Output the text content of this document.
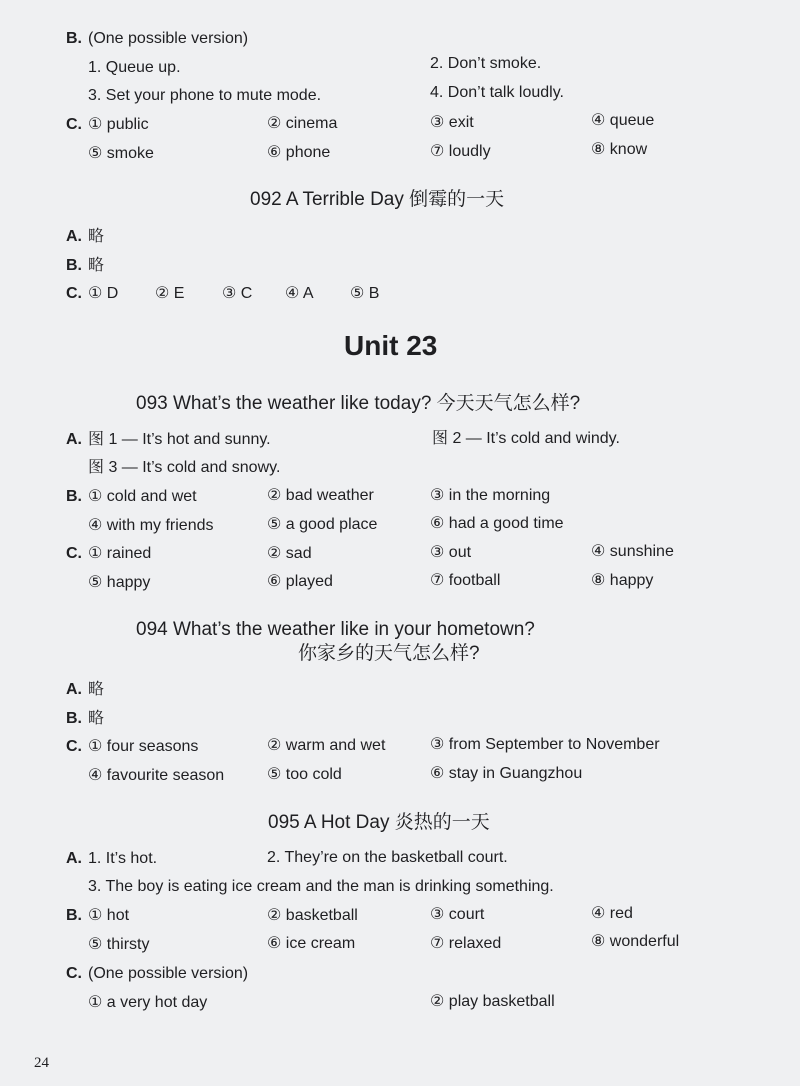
B. (One possible version)
1. Queue up.	2. Don’t smoke.
3. Set your phone to mute mode.	4. Don’t talk loudly.
C. ① public	② cinema	③ exit	④ queue
⑤ smoke	⑥ phone	⑦ loudly	⑧ know
092 A Terrible Day 倒霉的一天
A. 略
B. 略
C. ① D ② E ③ C ④ A ⑤ B
Unit 23
093 What’s the weather like today? 今天天气怎么样?
A. 图 1 — It’s hot and sunny.	图 2 — It’s cold and windy.
图 3 — It’s cold and snowy.
B. ① cold and wet	② bad weather	③ in the morning
④ with my friends	⑤ a good place	⑥ had a good time
C. ① rained	② sad	③ out	④ sunshine
⑤ happy	⑥ played	⑦ football	⑧ happy
094 What’s the weather like in your hometown?
你家乡的天气怎么样?
A. 略
B. 略
C. ① four seasons	② warm and wet	③ from September to November
④ favourite season	⑤ too cold	⑥ stay in Guangzhou
095 A Hot Day 炎热的一天
A. 1. It’s hot.	2. They’re on the basketball court.
3. The boy is eating ice cream and the man is drinking something.
B. ① hot	② basketball	③ court	④ red
⑤ thirsty	⑥ ice cream	⑦ relaxed	⑧ wonderful
C. (One possible version)
① a very hot day	② play basketball
24
